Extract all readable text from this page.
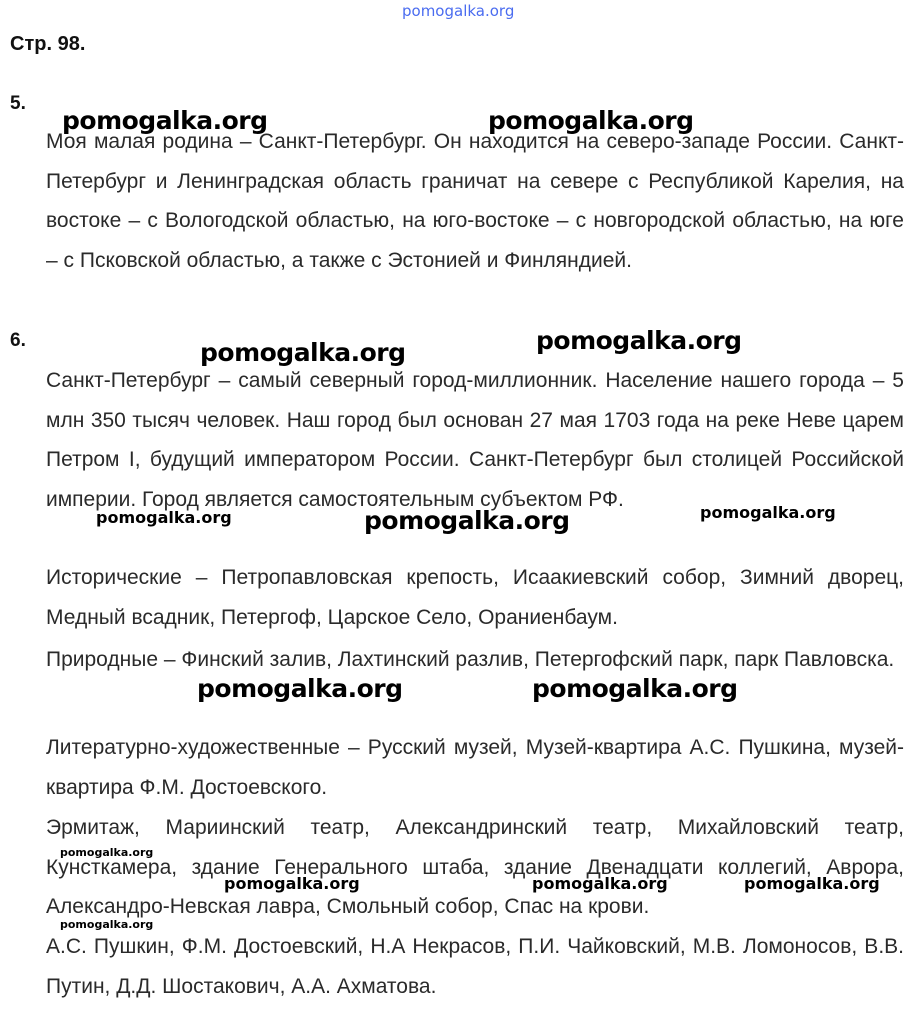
pomogalka.org
Стр. 98.
5.
Моя малая родина – Санкт-Петербург. Он находится на северо-западе России. Санкт-Петербург и Ленинградская область граничат на севере с Республикой Карелия, на востоке – с Вологодской областью, на юго-востоке – с новгородской областью, на юге – с Псковской областью, а также с Эстонией и Финляндией.
6.
Санкт-Петербург – самый северный город-миллионник. Население нашего города – 5 млн 350 тысяч человек. Наш город был основан 27 мая 1703 года на реке Неве царем Петром I, будущий императором России. Санкт-Петербург был столицей Российской империи. Город является самостоятельным субъектом РФ.
Исторические – Петропавловская крепость, Исаакиевский собор, Зимний дворец, Медный всадник, Петергоф, Царское Село, Ораниенбаум.
Природные – Финский залив, Лахтинский разлив, Петергофский парк, парк Павловска.
Литературно-художественные – Русский музей, Музей-квартира А.С. Пушкина, музей-квартира Ф.М. Достоевского.
Эрмитаж, Мариинский театр, Александринский театр, Михайловский театр, Кунсткамера, здание Генерального штаба, здание Двенадцати коллегий, Аврора, Александро-Невская лавра, Смольный собор, Спас на крови.
А.С. Пушкин, Ф.М. Достоевский, Н.А Некрасов, П.И. Чайковский, М.В. Ломоносов, В.В. Путин, Д.Д. Шостакович, А.А. Ахматова.
pomogalka.org	pomogalka.org
pomogalka.org	pomogalka.org
pomogalka.org	pomogalka.org	pomogalka.org
pomogalka.org	pomogalka.org
pomogalka.org
pomogalka.org	pomogalka.org	pomogalka.org
pomogalka.org
